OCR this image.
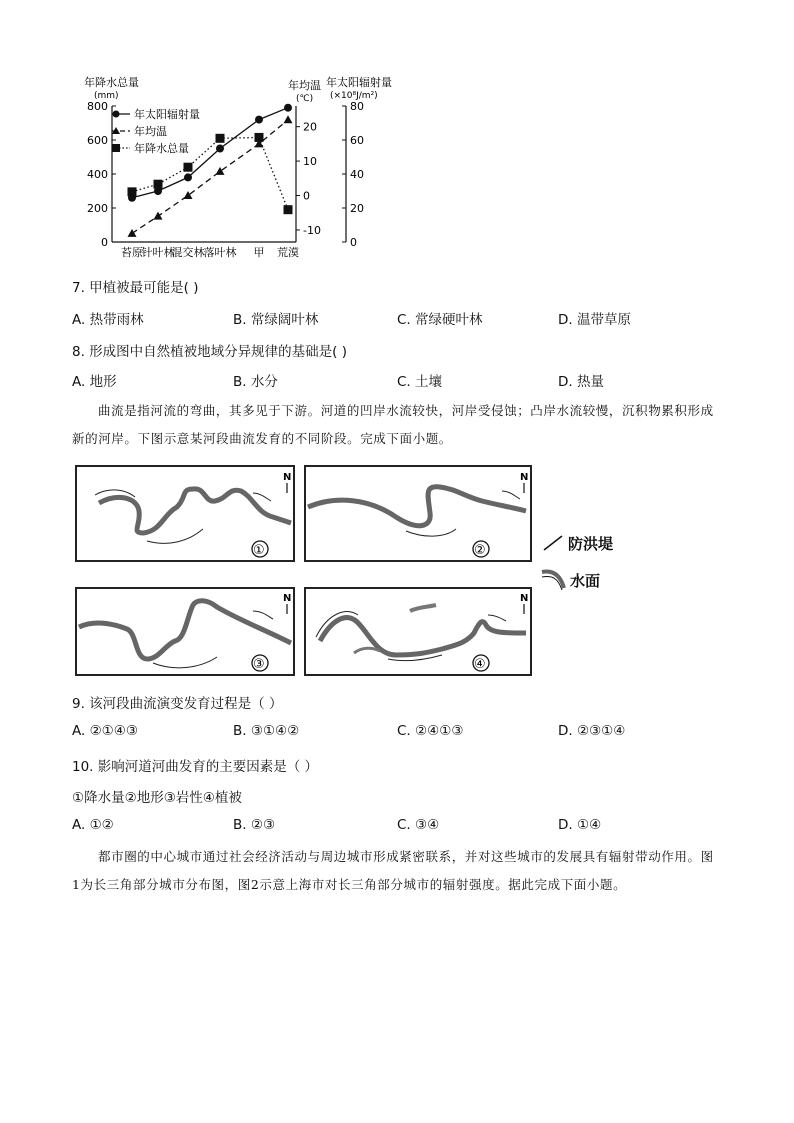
年降水总量
(mm)
年均温
(℃)
年太阳辐射量
(×10⁸J/m²)
0
200
400
600
800
-10
0
10
20
0
20
40
60
80
苔原
针叶林
混交林 落叶林 甲 荒漠
年太阳辐射量
年均温
年降水总量
7. 甲植被最可能是( )
A. 热带雨林	B. 常绿阔叶林	C. 常绿硬叶林	D. 温带草原
8. 形成图中自然植被地域分异规律的基础是( )
A. 地形	B. 水分	C. 土壤	D. 热量
曲流是指河流的弯曲，其多见于下游。河道的凹岸水流较快，河岸受侵蚀；凸岸水流较慢，沉积物累积形成新的河岸。下图示意某河段曲流发育的不同阶段。完成下面小题。
N
①
N
②
N
③
N
④
防洪堤
水面
9. 该河段曲流演变发育过程是（ ）
A. ②①④③	B. ③①④②	C. ②④①③	D. ②③①④
10. 影响河道河曲发育的主要因素是（ ）
①降水量②地形③岩性④植被
A. ①②	B. ②③	C. ③④	D. ①④
都市圈的中心城市通过社会经济活动与周边城市形成紧密联系，并对这些城市的发展具有辐射带动作用。图1为长三角部分城市分布图，图2示意上海市对长三角部分城市的辐射强度。据此完成下面小题。
